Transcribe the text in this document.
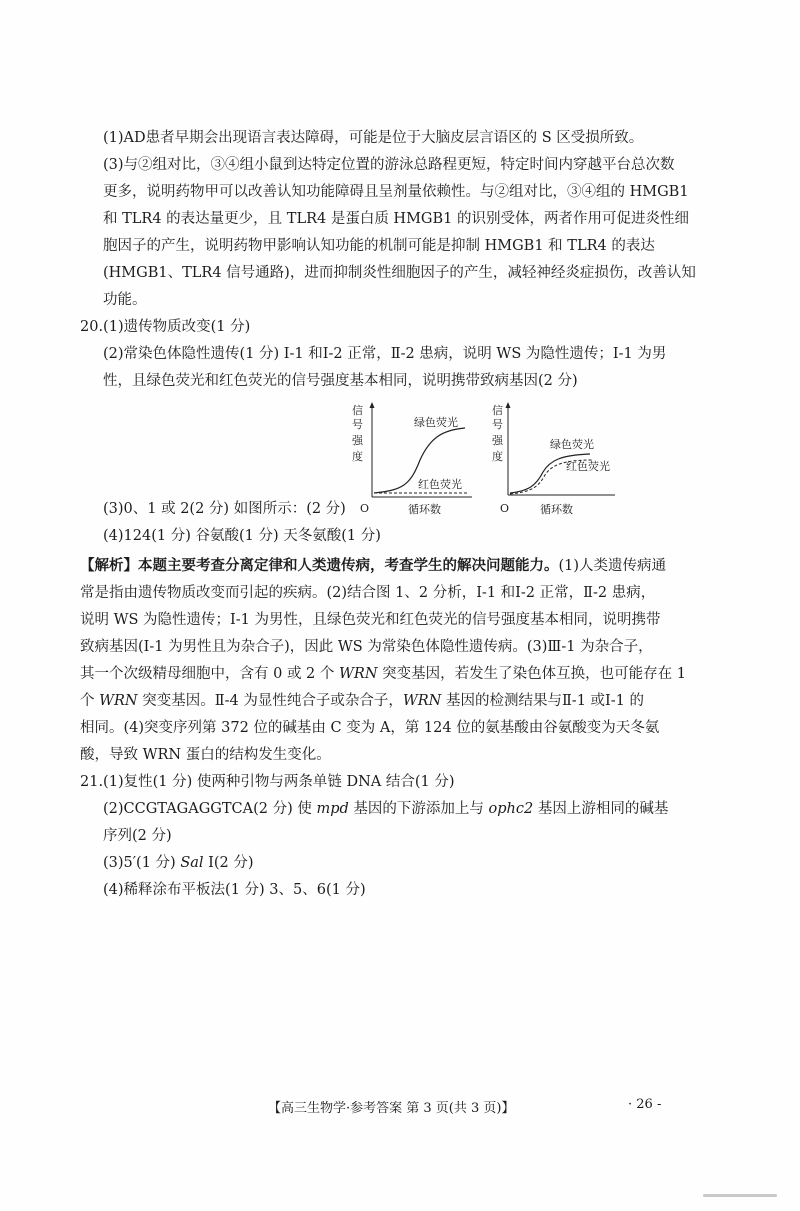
(1)AD患者早期会出现语言表达障碍，可能是位于大脑皮层言语区的 S 区受损所致。
(3)与②组对比，③④组小鼠到达特定位置的游泳总路程更短，特定时间内穿越平台总次数
更多，说明药物甲可以改善认知功能障碍且呈剂量依赖性。与②组对比，③④组的 HMGB1
和 TLR4 的表达量更少，且 TLR4 是蛋白质 HMGB1 的识别受体，两者作用可促进炎性细
胞因子的产生，说明药物甲影响认知功能的机制可能是抑制 HMGB1 和 TLR4 的表达
(HMGB1、TLR4 信号通路)，进而抑制炎性细胞因子的产生，减轻神经炎症损伤，改善认知
功能。
20.(1)遗传物质改变(1 分)
(2)常染色体隐性遗传(1 分) Ⅰ-1 和Ⅰ-2 正常，Ⅱ-2 患病，说明 WS 为隐性遗传；Ⅰ-1 为男
性，且绿色荧光和红色荧光的信号强度基本相同，说明携带致病基因(2 分)
信
号
强
度
O	循环数
绿色荧光
红色荧光
信
号
强
度
O	循环数
绿色荧光
红色荧光
(3)0、1 或 2(2 分) 如图所示：(2 分)
(4)124(1 分) 谷氨酸(1 分) 天冬氨酸(1 分)
【解析】本题主要考查分离定律和人类遗传病，考查学生的解决问题能力。(1)人类遗传病通
常是指由遗传物质改变而引起的疾病。(2)结合图 1、2 分析，Ⅰ-1 和Ⅰ-2 正常，Ⅱ-2 患病，
说明 WS 为隐性遗传；Ⅰ-1 为男性，且绿色荧光和红色荧光的信号强度基本相同，说明携带
致病基因(Ⅰ-1 为男性且为杂合子)，因此 WS 为常染色体隐性遗传病。(3)Ⅲ-1 为杂合子，
其一个次级精母细胞中，含有 0 或 2 个 WRN 突变基因，若发生了染色体互换，也可能存在 1
个 WRN 突变基因。Ⅱ-4 为显性纯合子或杂合子，WRN 基因的检测结果与Ⅱ-1 或Ⅰ-1 的
相同。(4)突变序列第 372 位的碱基由 C 变为 A，第 124 位的氨基酸由谷氨酸变为天冬氨
酸，导致 WRN 蛋白的结构发生变化。
21.(1)复性(1 分) 使两种引物与两条单链 DNA 结合(1 分)
(2)CCGTAGAGGTCA(2 分) 使 mpd 基因的下游添加上与 ophc2 基因上游相同的碱基
序列(2 分)
(3)5′(1 分) Sal Ⅰ(2 分)
(4)稀释涂布平板法(1 分) 3、5、6(1 分)
【高三生物学·参考答案 第 3 页(共 3 页)】	· 26 -
